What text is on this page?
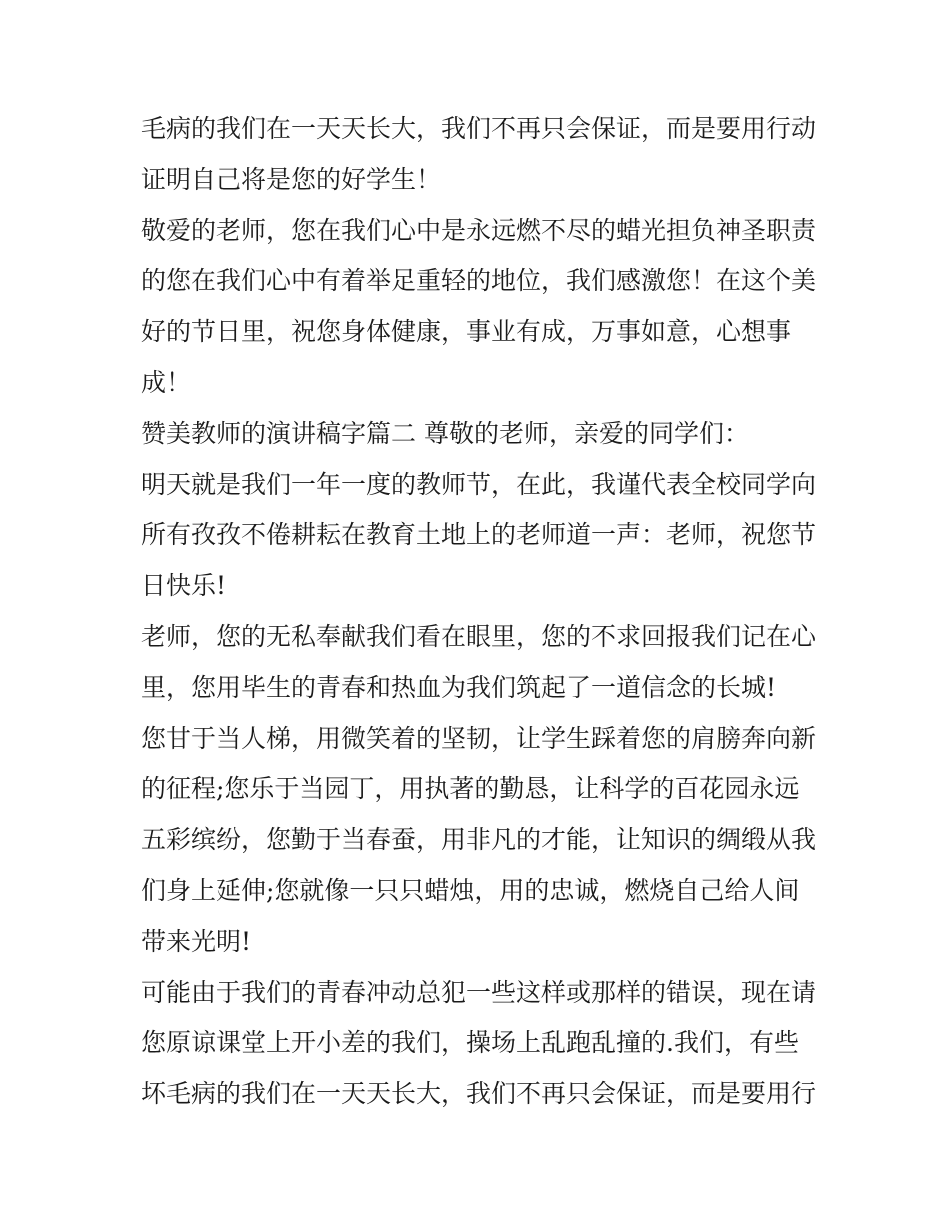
毛病的我们在一天天长大，我们不再只会保证，而是要用行动
证明自己将是您的好学生！
敬爱的老师，您在我们心中是永远燃不尽的蜡光担负神圣职责
的您在我们心中有着举足重轻的地位，我们感激您！在这个美
好的节日里，祝您身体健康，事业有成，万事如意，心想事
成！
赞美教师的演讲稿字篇二 尊敬的老师，亲爱的同学们：
明天就是我们一年一度的教师节，在此，我谨代表全校同学向
所有孜孜不倦耕耘在教育土地上的老师道一声：老师，祝您节
日快乐!
老师，您的无私奉献我们看在眼里，您的不求回报我们记在心
里，您用毕生的青春和热血为我们筑起了一道信念的长城!
您甘于当人梯，用微笑着的坚韧，让学生踩着您的肩膀奔向新
的征程;您乐于当园丁，用执著的勤恳，让科学的百花园永远
五彩缤纷，您勤于当春蚕，用非凡的才能，让知识的绸缎从我
们身上延伸;您就像一只只蜡烛，用的忠诚，燃烧自己给人间
带来光明!
可能由于我们的青春冲动总犯一些这样或那样的错误，现在请
您原谅课堂上开小差的我们，操场上乱跑乱撞的.我们，有些
坏毛病的我们在一天天长大，我们不再只会保证，而是要用行
